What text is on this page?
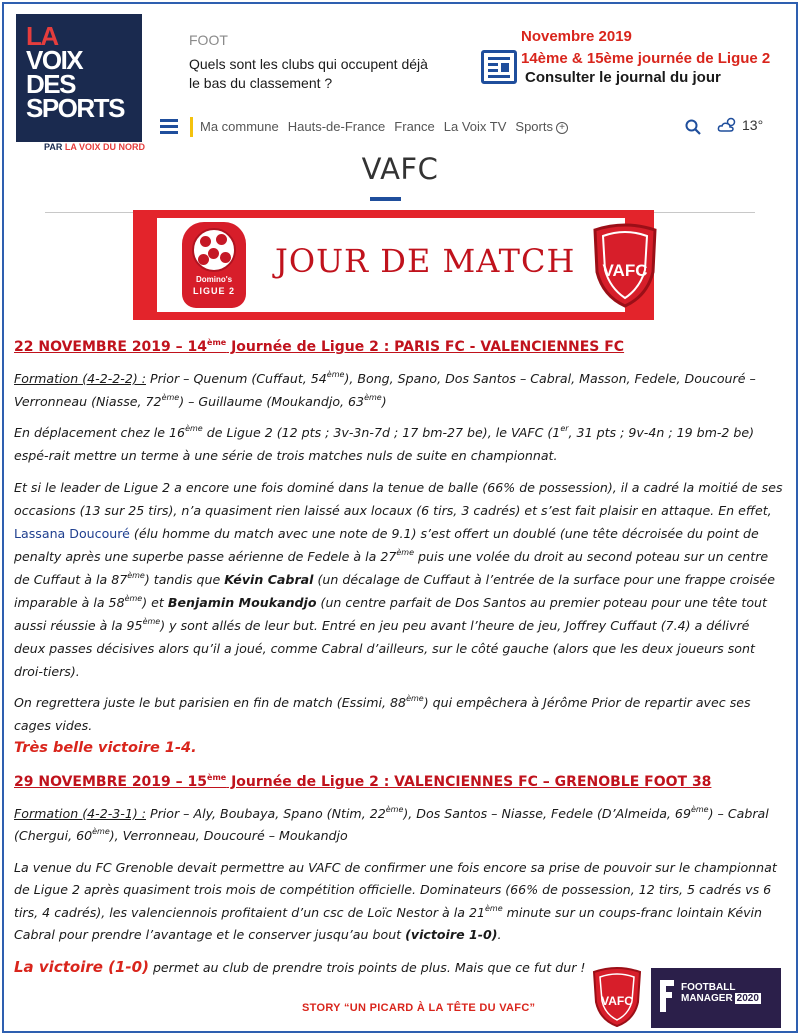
LA
VOIX
DES
SPORTS
PAR LA VOIX DU NORD
FOOT
Quels sont les clubs qui occupent déjà le bas du classement ?
Novembre 2019
14ème & 15ème journée de Ligue 2
Consulter le journal du jour
Ma commune Hauts-de-France France La Voix TV Sports +	13°
VAFC
Domino's
LIGUE 2
JOUR DE MATCH VAFC
22 NOVEMBRE 2019 – 14ème Journée de Ligue 2 : PARIS FC - VALENCIENNES FC
Formation (4-2-2-2) : Prior – Quenum (Cuffaut, 54ème), Bong, Spano, Dos Santos – Cabral, Masson, Fedele, Doucouré – Verronneau (Niasse, 72ème) – Guillaume (Moukandjo, 63ème)
En déplacement chez le 16ème de Ligue 2 (12 pts ; 3v-3n-7d ; 17 bm-27 be), le VAFC (1er, 31 pts ; 9v-4n ; 19 bm-2 be) espé-rait mettre un terme à une série de trois matches nuls de suite en championnat.
Et si le leader de Ligue 2 a encore une fois dominé dans la tenue de balle (66% de possession), il a cadré la moitié de ses occasions (13 sur 25 tirs), n’a quasiment rien laissé aux locaux (6 tirs, 3 cadrés) et s’est fait plaisir en attaque. En effet, Lassana Doucouré (élu homme du match avec une note de 9.1) s’est offert un doublé (une tête décroisée du point de penalty après une superbe passe aérienne de Fedele à la 27ème puis une volée du droit au second poteau sur un centre de Cuffaut à la 87ème) tandis que Kévin Cabral (un décalage de Cuffaut à l’entrée de la surface pour une frappe croisée imparable à la 58ème) et Benjamin Moukandjo (un centre parfait de Dos Santos au premier poteau pour une tête tout aussi réussie à la 95ème) y sont allés de leur but. Entré en jeu peu avant l’heure de jeu, Joffrey Cuffaut (7.4) a délivré deux passes décisives alors qu’il a joué, comme Cabral d’ailleurs, sur le côté gauche (alors que les deux joueurs sont droi-tiers).
On regrettera juste le but parisien en fin de match (Essimi, 88ème) qui empêchera à Jérôme Prior de repartir avec ses cages vides.
Très belle victoire 1-4.
29 NOVEMBRE 2019 – 15ème Journée de Ligue 2 : VALENCIENNES FC – GRENOBLE FOOT 38
Formation (4-2-3-1) : Prior – Aly, Boubaya, Spano (Ntim, 22ème), Dos Santos – Niasse, Fedele (D’Almeida, 69ème) – Cabral (Chergui, 60ème), Verronneau, Doucouré – Moukandjo
La venue du FC Grenoble devait permettre au VAFC de confirmer une fois encore sa prise de pouvoir sur le championnat de Ligue 2 après quasiment trois mois de compétition officielle. Dominateurs (66% de possession, 12 tirs, 5 cadrés vs 6 tirs, 4 cadrés), les valenciennois profitaient d’un csc de Loïc Nestor à la 21ème minute sur un coups-franc lointain Kévin Cabral pour prendre l’avantage et le conserver jusqu’au bout (victoire 1-0).
La victoire (1-0) permet au club de prendre trois points de plus. Mais que ce fut dur !
STORY “UN PICARD À LA TÊTE DU VAFC”	VAFC
FOOTBALL
MANAGER 2020
